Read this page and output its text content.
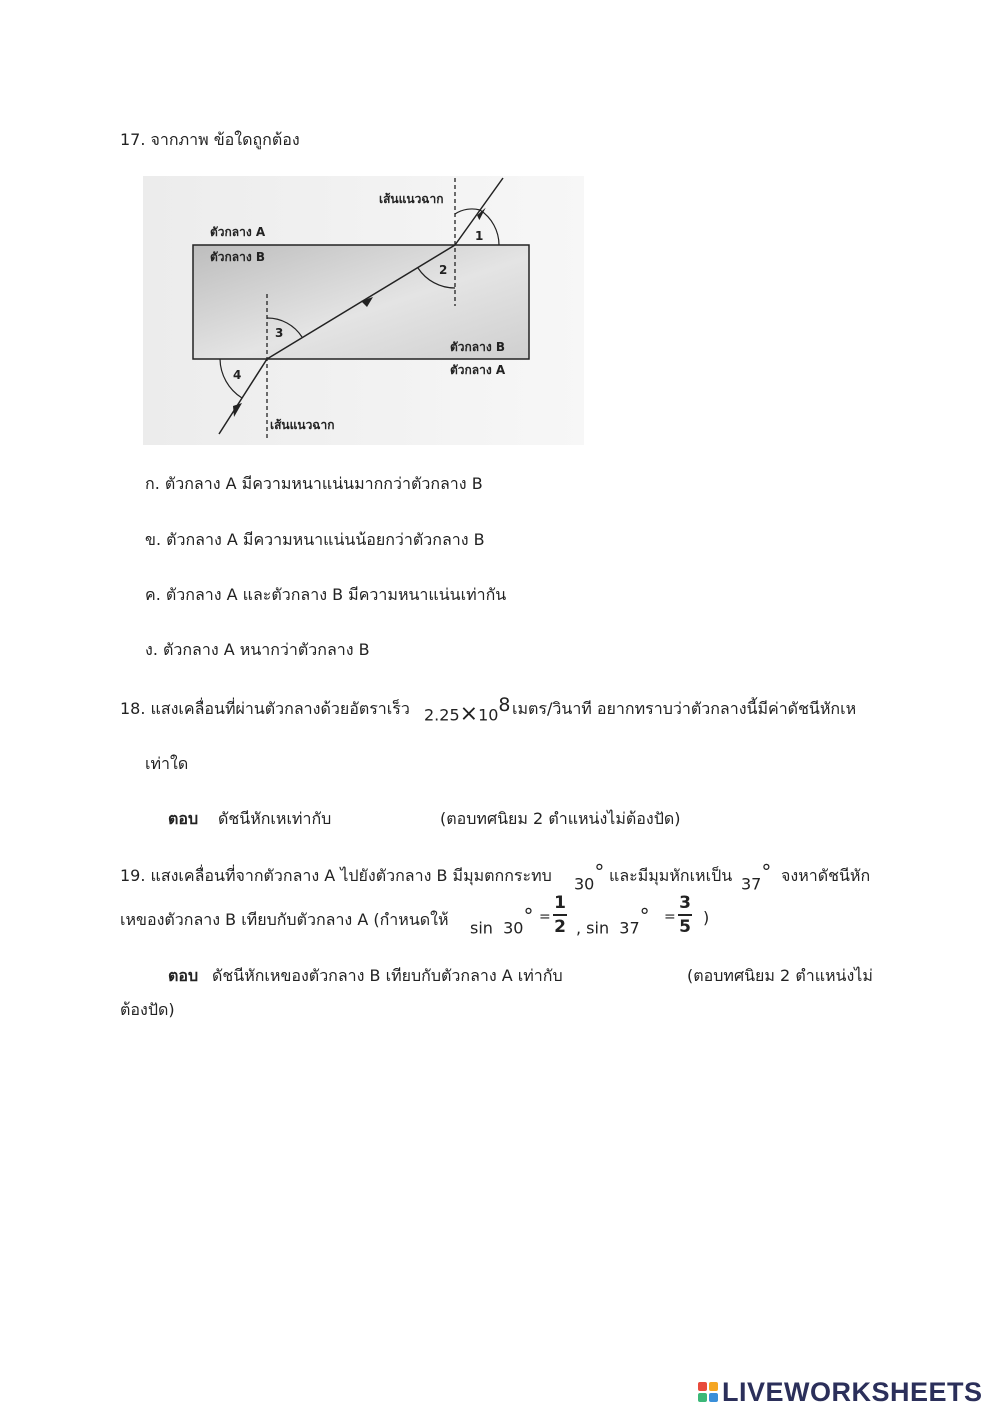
17. จากภาพ ข้อใดถูกต้อง
เส้นแนวฉาก
ตัวกลาง A
ตัวกลาง B
ตัวกลาง B
ตัวกลาง A
เส้นแนวฉาก
1
2
3
4
ก. ตัวกลาง A มีความหนาแน่นมากกว่าตัวกลาง B
ข. ตัวกลาง A มีความหนาแน่นน้อยกว่าตัวกลาง B
ค. ตัวกลาง A และตัวกลาง B มีความหนาแน่นเท่ากัน
ง. ตัวกลาง A หนากว่าตัวกลาง B
18. แสงเคลื่อนที่ผ่านตัวกลางด้วยอัตราเร็ว $2.25\times 10^8$ เมตร/วินาที อยากทราบว่าตัวกลางนี้มีค่าดัชนีหักเห
เท่าใด
ตอบ ดัชนีหักเหเท่ากับ	(ตอบทศนิยม 2 ตำแหน่งไม่ต้องปัด)
19. แสงเคลื่อนที่จากตัวกลาง A ไปยังตัวกลาง B มีมุมตกกระทบ 30° และมีมุมหักเหเป็น 37° จงหาดัชนีหัก
เหของตัวกลาง B เทียบกับตัวกลาง A (กำหนดให้ sin 30° =
1
2 , sin 37° =
3
5 )
ตอบ ดัชนีหักเหของตัวกลาง B เทียบกับตัวกลาง A เท่ากับ	(ตอบทศนิยม 2 ตำแหน่งไม่
ต้องปัด)
LIVEWORKSHEETS
